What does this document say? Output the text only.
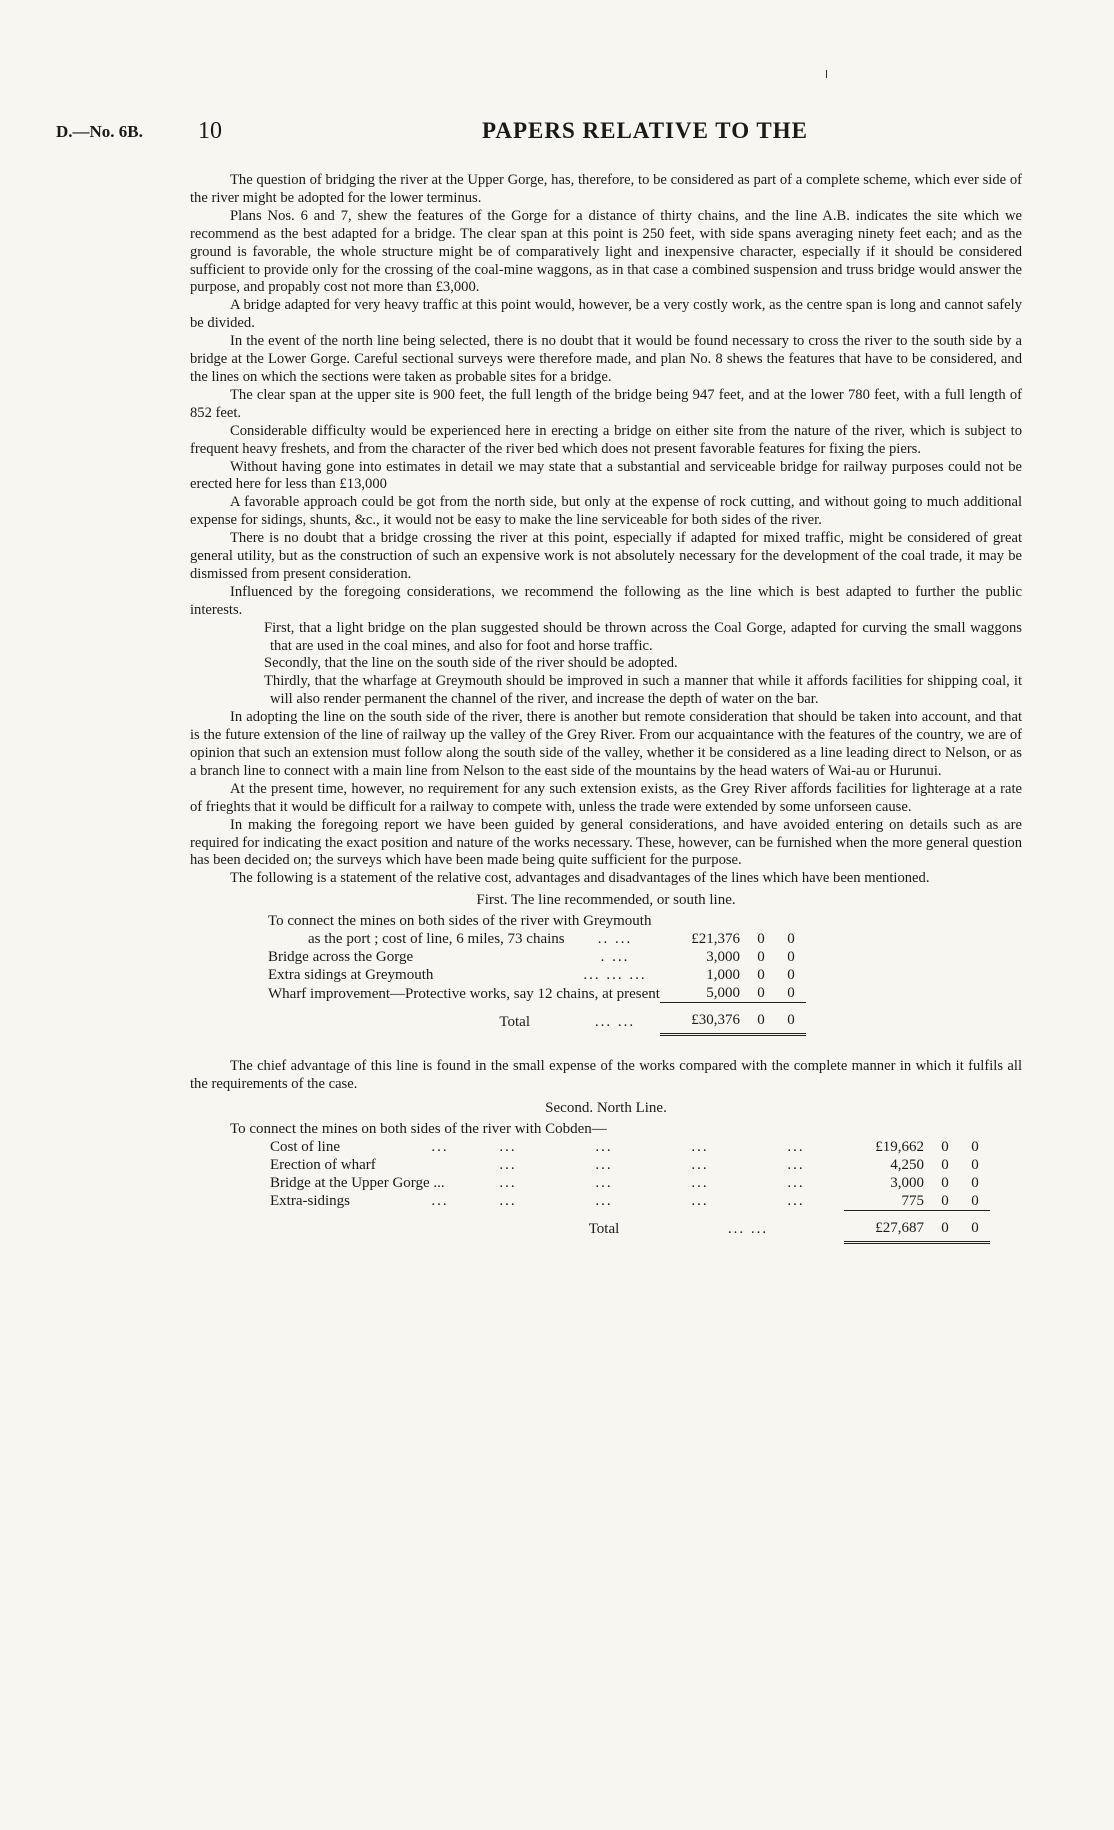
D.—No. 6B. 10	PAPERS RELATIVE TO THE

The question of bridging the river at the Upper Gorge, has, therefore, to be considered as part of a complete scheme, which ever side of the river might be adopted for the lower terminus.

Plans Nos. 6 and 7, shew the features of the Gorge for a distance of thirty chains, and the line A.B. indicates the site which we recommend as the best adapted for a bridge. The clear span at this point is 250 feet, with side spans averaging ninety feet each; and as the ground is favorable, the whole structure might be of comparatively light and inexpensive character, especially if it should be considered sufficient to provide only for the crossing of the coal-mine waggons, as in that case a combined suspension and truss bridge would answer the purpose, and propably cost not more than £3,000.

A bridge adapted for very heavy traffic at this point would, however, be a very costly work, as the centre span is long and cannot safely be divided.

In the event of the north line being selected, there is no doubt that it would be found necessary to cross the river to the south side by a bridge at the Lower Gorge. Careful sectional surveys were therefore made, and plan No. 8 shews the features that have to be considered, and the lines on which the sections were taken as probable sites for a bridge.

The clear span at the upper site is 900 feet, the full length of the bridge being 947 feet, and at the lower 780 feet, with a full length of 852 feet.

Considerable difficulty would be experienced here in erecting a bridge on either site from the nature of the river, which is subject to frequent heavy freshets, and from the character of the river bed which does not present favorable features for fixing the piers.

Without having gone into estimates in detail we may state that a substantial and serviceable bridge for railway purposes could not be erected here for less than £13,000

A favorable approach could be got from the north side, but only at the expense of rock cutting, and without going to much additional expense for sidings, shunts, &c., it would not be easy to make the line serviceable for both sides of the river.

There is no doubt that a bridge crossing the river at this point, especially if adapted for mixed traffic, might be considered of great general utility, but as the construction of such an expensive work is not absolutely necessary for the development of the coal trade, it may be dismissed from present consideration.

Influenced by the foregoing considerations, we recommend the following as the line which is best adapted to further the public interests.

First, that a light bridge on the plan suggested should be thrown across the Coal Gorge, adapted for curving the small waggons that are used in the coal mines, and also for foot and horse traffic.

Secondly, that the line on the south side of the river should be adopted.

Thirdly, that the wharfage at Greymouth should be improved in such a manner that while it affords facilities for shipping coal, it will also render permanent the channel of the river, and increase the depth of water on the bar.

In adopting the line on the south side of the river, there is another but remote consideration that should be taken into account, and that is the future extension of the line of railway up the valley of the Grey River. From our acquaintance with the features of the country, we are of opinion that such an extension must follow along the south side of the valley, whether it be considered as a line leading direct to Nelson, or as a branch line to connect with a main line from Nelson to the east side of the mountains by the head waters of Wai-au or Hurunui.

At the present time, however, no requirement for any such extension exists, as the Grey River affords facilities for lighterage at a rate of frieghts that it would be difficult for a railway to compete with, unless the trade were extended by some unforseen cause.

In making the foregoing report we have been guided by general considerations, and have avoided entering on details such as are required for indicating the exact position and nature of the works necessary. These, however, can be furnished when the more general question has been decided on; the surveys which have been made being quite sufficient for the purpose.

The following is a statement of the relative cost, advantages and disadvantages of the lines which have been mentioned.

First. The line recommended, or south line.
To connect the mines on both sides of the river with Greymouth				
as the port ; cost of line, 6 miles, 73 chains	.. ...	£21,376	0	0
Bridge across the Gorge	. ...	3,000	0	0
Extra sidings at Greymouth	... ... ...	1,000	0	0
Wharf improvement—Protective works, say 12 chains, at present		5,000	0	0
Total	... ...	£30,376	0	0

The chief advantage of this line is found in the small expense of the works compared with the complete manner in which it fulfils all the requirements of the case.

Second. North Line.
To connect the mines on both sides of the river with Cobden—								
Cost of line	...	...	...	...	...	£19,662	0	0
Erection of wharf		...	...	...	...	4,250	0	0
Bridge at the Upper Gorge ...		...	...	...	...	3,000	0	0
Extra-sidings	...	...	...	...	...	775	0	0
			Total	... ...		£27,687	0	0
